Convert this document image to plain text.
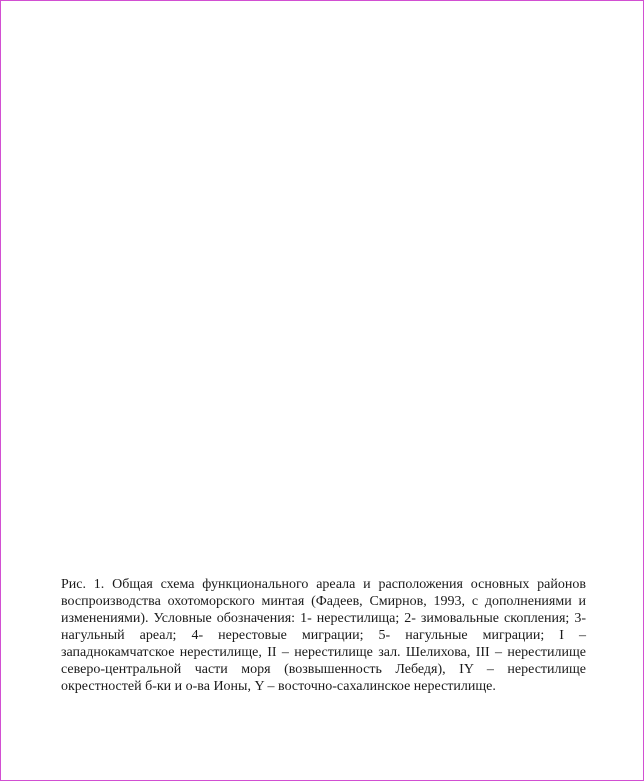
Рис. 1. Общая схема функционального ареала и расположения основных районов воспроизводства охотоморского минтая (Фадеев, Смирнов, 1993, с дополнениями и изменениями). Условные обозначения: 1- нерестилища; 2- зимовальные скопления; 3-нагульный ареал; 4- нерестовые миграции; 5- нагульные миграции; I – западнокамчатское нерестилище, II – нерестилище зал. Шелихова, III – нерестилище северо-центральной части моря (возвышенность Лебедя), IY – нерестилище окрестностей б-ки и о-ва Ионы, Y – восточно-сахалинское нерестилище.
